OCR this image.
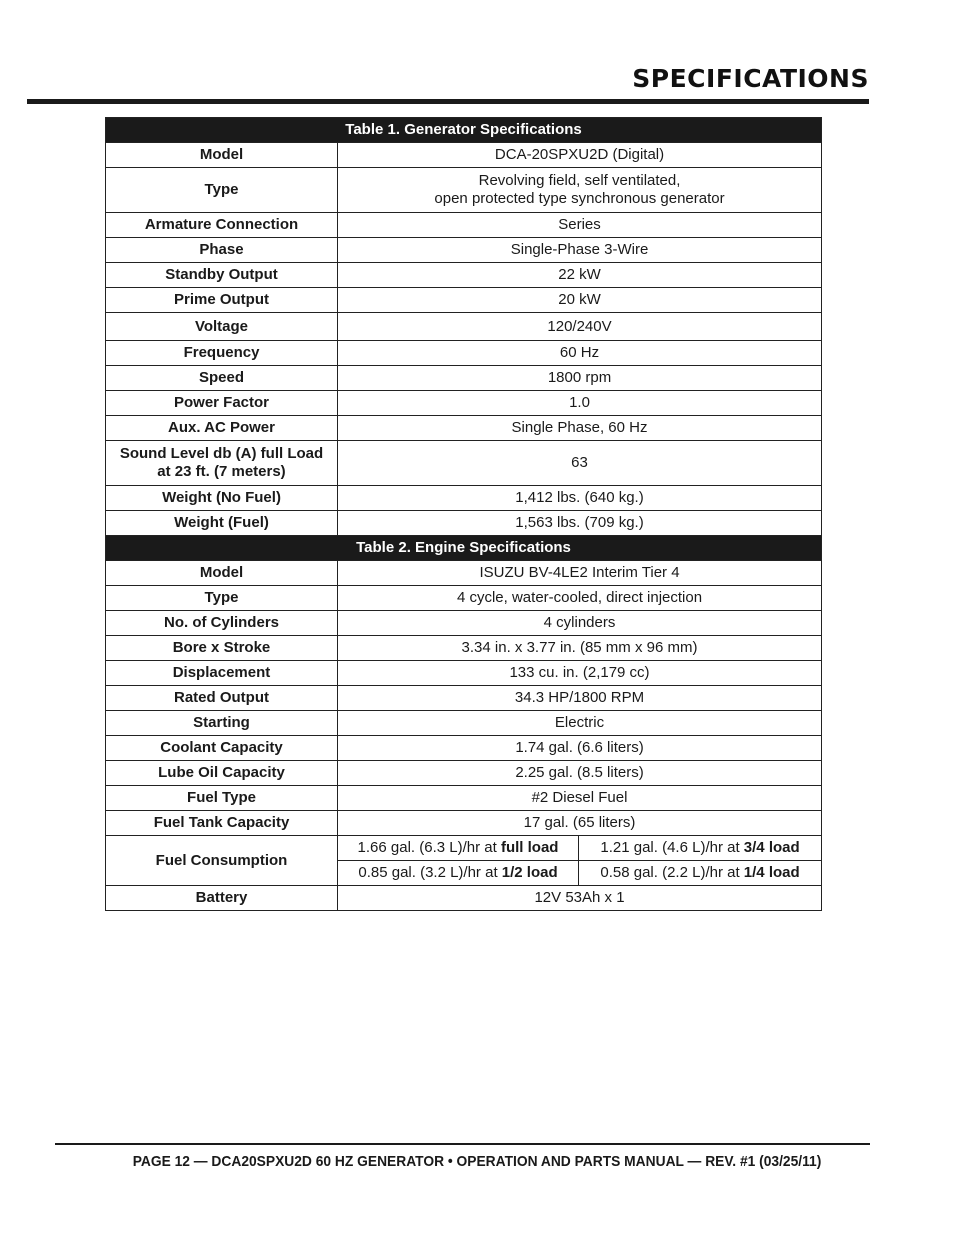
SPECIFICATIONS
Table 1. Generator Specifications		
Model	DCA-20SPXU2D (Digital)	
Type	Revolving field, self ventilated,
open protected type synchronous generator	
Armature Connection	Series	
Phase	Single-Phase 3-Wire	
Standby Output	22 kW	
Prime Output	20 kW	
Voltage	120/240V	
Frequency	60 Hz	
Speed	1800 rpm	
Power Factor	1.0	
Aux. AC Power	Single Phase, 60 Hz	
Sound Level db (A) full Load
at 23 ft. (7 meters)	63	
Weight (No Fuel)	1,412 lbs. (640 kg.)	
Weight (Fuel)	1,563 lbs. (709 kg.)	
Table 2. Engine Specifications		
Model	ISUZU BV-4LE2 Interim Tier 4	
Type	4 cycle, water-cooled, direct injection	
No. of Cylinders	4 cylinders	
Bore x Stroke	3.34 in. x 3.77 in. (85 mm x 96 mm)	
Displacement	133 cu. in. (2,179 cc)	
Rated Output	34.3 HP/1800 RPM	
Starting	Electric	
Coolant Capacity	1.74 gal. (6.6 liters)	
Lube Oil Capacity	2.25 gal. (8.5 liters)	
Fuel Type	#2 Diesel Fuel	
Fuel Tank Capacity	17 gal. (65 liters)	
Fuel Consumption	1.66 gal. (6.3 L)/hr at full load	1.21 gal. (4.6 L)/hr at 3/4 load
	0.85 gal. (3.2 L)/hr at 1/2 load	0.58 gal. (2.2 L)/hr at 1/4 load
Battery	12V 53Ah x 1	
PAGE 12 — DCA20SPXU2D 60 HZ GENERATOR • OPERATION AND PARTS MANUAL — REV. #1 (03/25/11)
